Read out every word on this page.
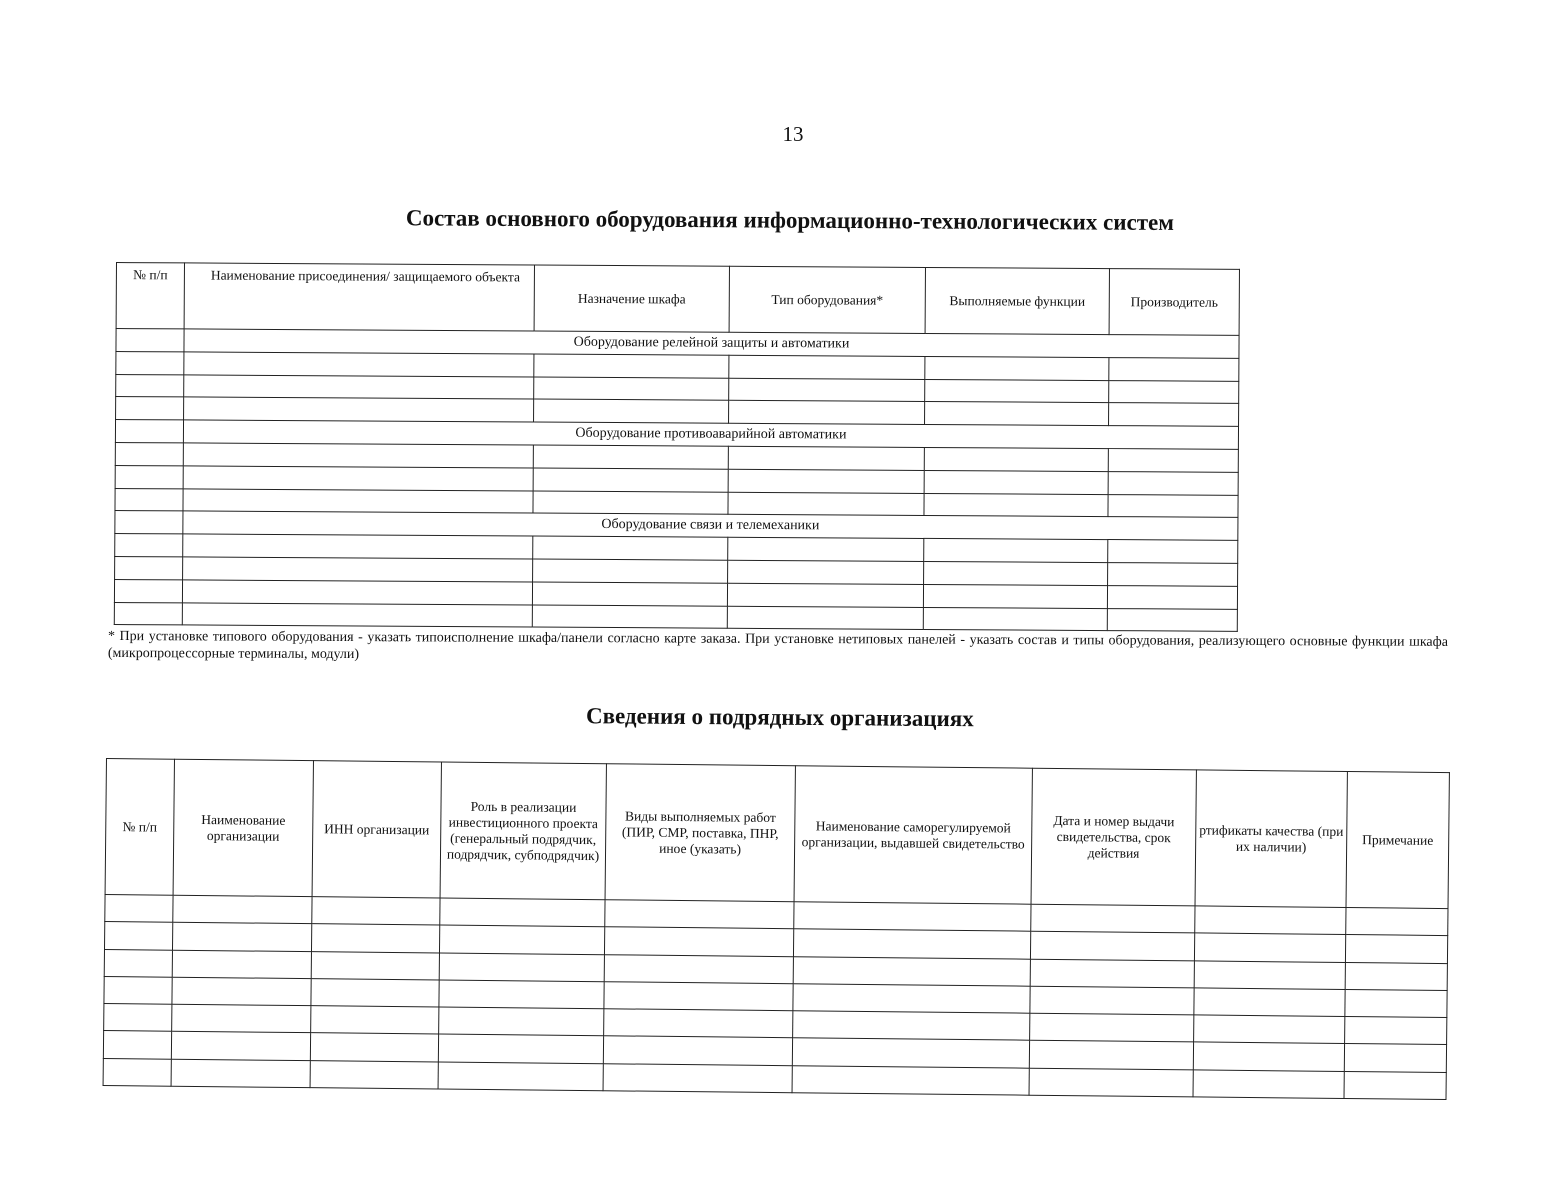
13
Состав основного оборудования информационно-технологических систем
№ п/п	Наименование присоединения/ защищаемого объекта	Назначение шкафа	Тип оборудования*	Выполняемые функции	Производитель
	Оборудование релейной защиты и автоматики				

	Оборудование противоаварийной автоматики				

	Оборудование связи и телемеханики				

* При установке типового оборудования - указать типоисполнение шкафа/панели согласно карте заказа. При установке нетиповых панелей - указать состав и типы оборудования, реализующего основные функции шкафа (микропроцессорные терминалы, модули)
Сведения о подрядных организациях
№ п/п	Наименование организации	ИНН организации	Роль в реализации инвестиционного проекта (генеральный подрядчик, подрядчик, субподрядчик)	Виды выполняемых работ (ПИР, СМР, поставка, ПНР, иное (указать)	Наименование саморегулируемой организации, выдавшей свидетельство	Дата и номер выдачи свидетельства, срок действия	ртификаты качества (при их наличии)	Примечание
